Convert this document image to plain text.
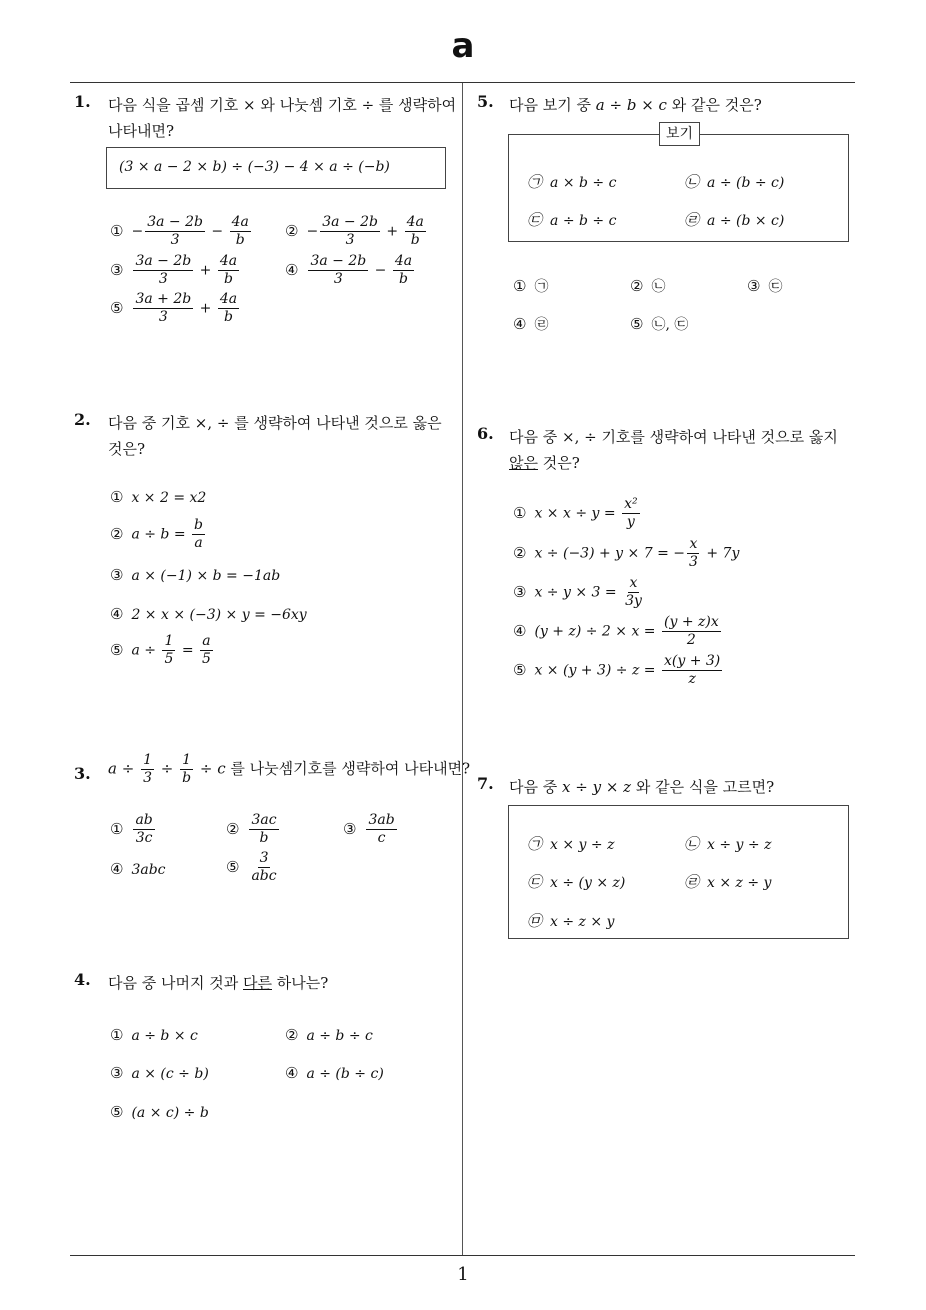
a
1
1. 다음 식을 곱셈 기호 × 와 나눗셈 기호 ÷ 를 생략하여
나타내면?
(3 × a − 2 × b) ÷ (−3) − 4 × a ÷ (−b)
① − $\frac{3a - 2b}{3} - \frac{4a}{b}$ ② − $\frac{3a - 2b}{3} + \frac{4a}{b}$
③ $\frac{3a - 2b}{3} + \frac{4a}{b}$	④ $\frac{3a - 2b}{3} - \frac{4a}{b}$
⑤ $\frac{3a + 2b}{3} + \frac{4a}{b}$
2. 다음 중 기호 ×, ÷ 를 생략하여 나타낸 것으로 옳은
것은?
① x × 2 = x2
② $a \div b = \frac{b}{a}$
③ a × (−1) × b = −1ab
④ 2 × x × (−3) × y = −6xy
⑤ $a \div \frac{1}{5} = \frac{a}{5}$
3. $a \div \frac{1}{3} \div \frac{1}{b} \div c$ 를 나눗셈기호를 생략하여 나타내면?
① $\frac{ab}{3c}$	② $\frac{3ac}{b}$	③ $\frac{3ab}{c}$
④ 3abc	⑤ $\frac{3}{\text{abc}}$
4. 다음 중 나머지 것과 다른 하나는?
① a ÷ b × c	② a ÷ b ÷ c
③ a × (c ÷ b)	④ a ÷ (b ÷ c)
⑤ (a × c) ÷ b
5. 다음 보기 중 a ÷ b × c 와 같은 것은?
보기
㉠ a × b ÷ c	㉡ a ÷ (b ÷ c)
㉢ a ÷ b ÷ c	㉣ a ÷ (b × c)
① ㉠	② ㉡	③ ㉢
④ ㉣	⑤ ㉡, ㉢
6. 다음 중 ×, ÷ 기호를 생략하여 나타낸 것으로 옳지
않은 것은?
① $x \times x \div y = \frac{\text{x²}}{y}$
② x ÷ (−3) + y × 7 = − $\frac{x}{3} + 7y$
③ $x \div y \times 3 = \frac{x}{3y}$
④ $(y + z) \div 2 \times x = \frac{(y + z)x}{2}$
⑤ $x \times (y + 3) \div z = \frac{x(y + 3)}{z}$
7. 다음 중 x ÷ y × z 와 같은 식을 고르면?
㉠ x × y ÷ z	㉡ x ÷ y ÷ z
㉢ x ÷ (y × z)	㉣ x × z ÷ y
㉤ x ÷ z × y
